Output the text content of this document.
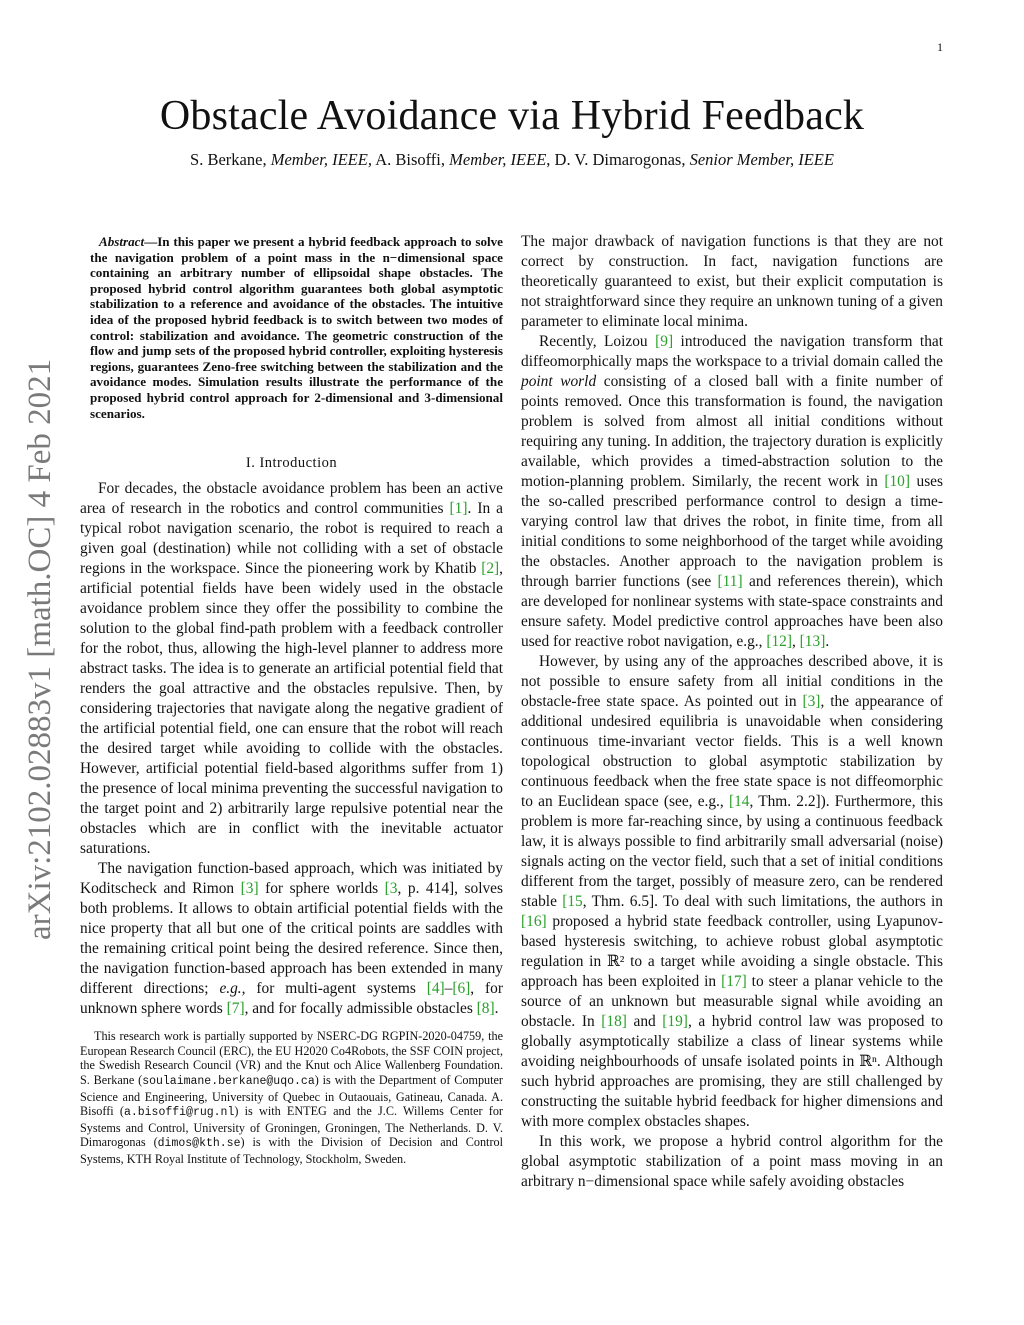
1
Obstacle Avoidance via Hybrid Feedback
S. Berkane, Member, IEEE, A. Bisoffi, Member, IEEE, D. V. Dimarogonas, Senior Member, IEEE
arXiv:2102.02883v1 [math.OC] 4 Feb 2021

Abstract—In this paper we present a hybrid feedback approach to solve the navigation problem of a point mass in the n−dimensional space containing an arbitrary number of ellipsoidal shape obstacles. The proposed hybrid control algorithm guarantees both global asymptotic stabilization to a reference and avoidance of the obstacles. The intuitive idea of the proposed hybrid feedback is to switch between two modes of control: stabilization and avoidance. The geometric construction of the flow and jump sets of the proposed hybrid controller, exploiting hysteresis regions, guarantees Zeno-free switching between the stabilization and the avoidance modes. Simulation results illustrate the performance of the proposed hybrid control approach for 2-dimensional and 3-dimensional scenarios.

I. Introduction

For decades, the obstacle avoidance problem has been an active area of research in the robotics and control communities [1]. In a typical robot navigation scenario, the robot is required to reach a given goal (destination) while not colliding with a set of obstacle regions in the workspace. Since the pioneering work by Khatib [2], artificial potential fields have been widely used in the obstacle avoidance problem since they offer the possibility to combine the solution to the global find-path problem with a feedback controller for the robot, thus, allowing the high-level planner to address more abstract tasks. The idea is to generate an artificial potential field that renders the goal attractive and the obstacles repulsive. Then, by considering trajectories that navigate along the negative gradient of the artificial potential field, one can ensure that the robot will reach the desired target while avoiding to collide with the obstacles. However, artificial potential field-based algorithms suffer from 1) the presence of local minima preventing the successful navigation to the target point and 2) arbitrarily large repulsive potential near the obstacles which are in conflict with the inevitable actuator saturations.

The navigation function-based approach, which was initiated by Koditscheck and Rimon [3] for sphere worlds [3, p. 414], solves both problems. It allows to obtain artificial potential fields with the nice property that all but one of the critical points are saddles with the remaining critical point being the desired reference. Since then, the navigation function-based approach has been extended in many different directions; e.g., for multi-agent systems [4]–[6], for unknown sphere words [7], and for focally admissible obstacles [8].

This research work is partially supported by NSERC-DG RGPIN-2020-04759, the European Research Council (ERC), the EU H2020 Co4Robots, the SSF COIN project, the Swedish Research Council (VR) and the Knut och Alice Wallenberg Foundation. S. Berkane (soulaimane.berkane@uqo.ca) is with the Department of Computer Science and Engineering, University of Quebec in Outaouais, Gatineau, Canada. A. Bisoffi (a.bisoffi@rug.nl) is with ENTEG and the J.C. Willems Center for Systems and Control, University of Groningen, Groningen, The Netherlands. D. V. Dimarogonas (dimos@kth.se) is with the Division of Decision and Control Systems, KTH Royal Institute of Technology, Stockholm, Sweden.

The major drawback of navigation functions is that they are not correct by construction. In fact, navigation functions are theoretically guaranteed to exist, but their explicit computation is not straightforward since they require an unknown tuning of a given parameter to eliminate local minima.

Recently, Loizou [9] introduced the navigation transform that diffeomorphically maps the workspace to a trivial domain called the point world consisting of a closed ball with a finite number of points removed. Once this transformation is found, the navigation problem is solved from almost all initial conditions without requiring any tuning. In addition, the trajectory duration is explicitly available, which provides a timed-abstraction solution to the motion-planning problem. Similarly, the recent work in [10] uses the so-called prescribed performance control to design a time-varying control law that drives the robot, in finite time, from all initial conditions to some neighborhood of the target while avoiding the obstacles. Another approach to the navigation problem is through barrier functions (see [11] and references therein), which are developed for nonlinear systems with state-space constraints and ensure safety. Model predictive control approaches have been also used for reactive robot navigation, e.g., [12], [13].

However, by using any of the approaches described above, it is not possible to ensure safety from all initial conditions in the obstacle-free state space. As pointed out in [3], the appearance of additional undesired equilibria is unavoidable when considering continuous time-invariant vector fields. This is a well known topological obstruction to global asymptotic stabilization by continuous feedback when the free state space is not diffeomorphic to an Euclidean space (see, e.g., [14, Thm. 2.2]). Furthermore, this problem is more far-reaching since, by using a continuous feedback law, it is always possible to find arbitrarily small adversarial (noise) signals acting on the vector field, such that a set of initial conditions different from the target, possibly of measure zero, can be rendered stable [15, Thm. 6.5]. To deal with such limitations, the authors in [16] proposed a hybrid state feedback controller, using Lyapunov-based hysteresis switching, to achieve robust global asymptotic regulation in ℝ² to a target while avoiding a single obstacle. This approach has been exploited in [17] to steer a planar vehicle to the source of an unknown but measurable signal while avoiding an obstacle. In [18] and [19], a hybrid control law was proposed to globally asymptotically stabilize a class of linear systems while avoiding neighbourhoods of unsafe isolated points in ℝⁿ. Although such hybrid approaches are promising, they are still challenged by constructing the suitable hybrid feedback for higher dimensions and with more complex obstacles shapes.

In this work, we propose a hybrid control algorithm for the global asymptotic stabilization of a point mass moving in an arbitrary n−dimensional space while safely avoiding obstacles
